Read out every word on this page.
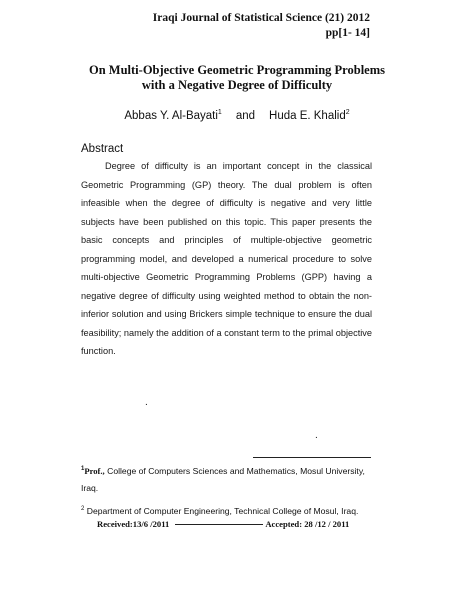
Iraqi Journal of Statistical Science (21) 2012
pp[1- 14]
On Multi-Objective Geometric Programming Problems
with a Negative Degree of Difficulty
Abbas Y. Al-Bayati$^1$ and Huda E. Khalid$^2$
Abstract
Degree of difficulty is an important concept in the classical Geometric Programming (GP) theory. The dual problem is often infeasible when the degree of difficulty is negative and very little subjects have been published on this topic. This paper presents the basic concepts and principles of multiple-objective geometric programming model, and developed a numerical procedure to solve multi-objective Geometric Programming Problems (GPP) having a negative degree of difficulty using weighted method to obtain the non-inferior solution and using Brickers simple technique to ensure the dual feasibility; namely the addition of a constant term to the primal objective function.
.
.
$^1$Prof., College of Computers Sciences and Mathematics, Mosul University, Iraq.
$^2$ Department of Computer Engineering, Technical College of Mosul, Iraq.
Received:13/6 /2011	Accepted: 28 /12 / 2011
